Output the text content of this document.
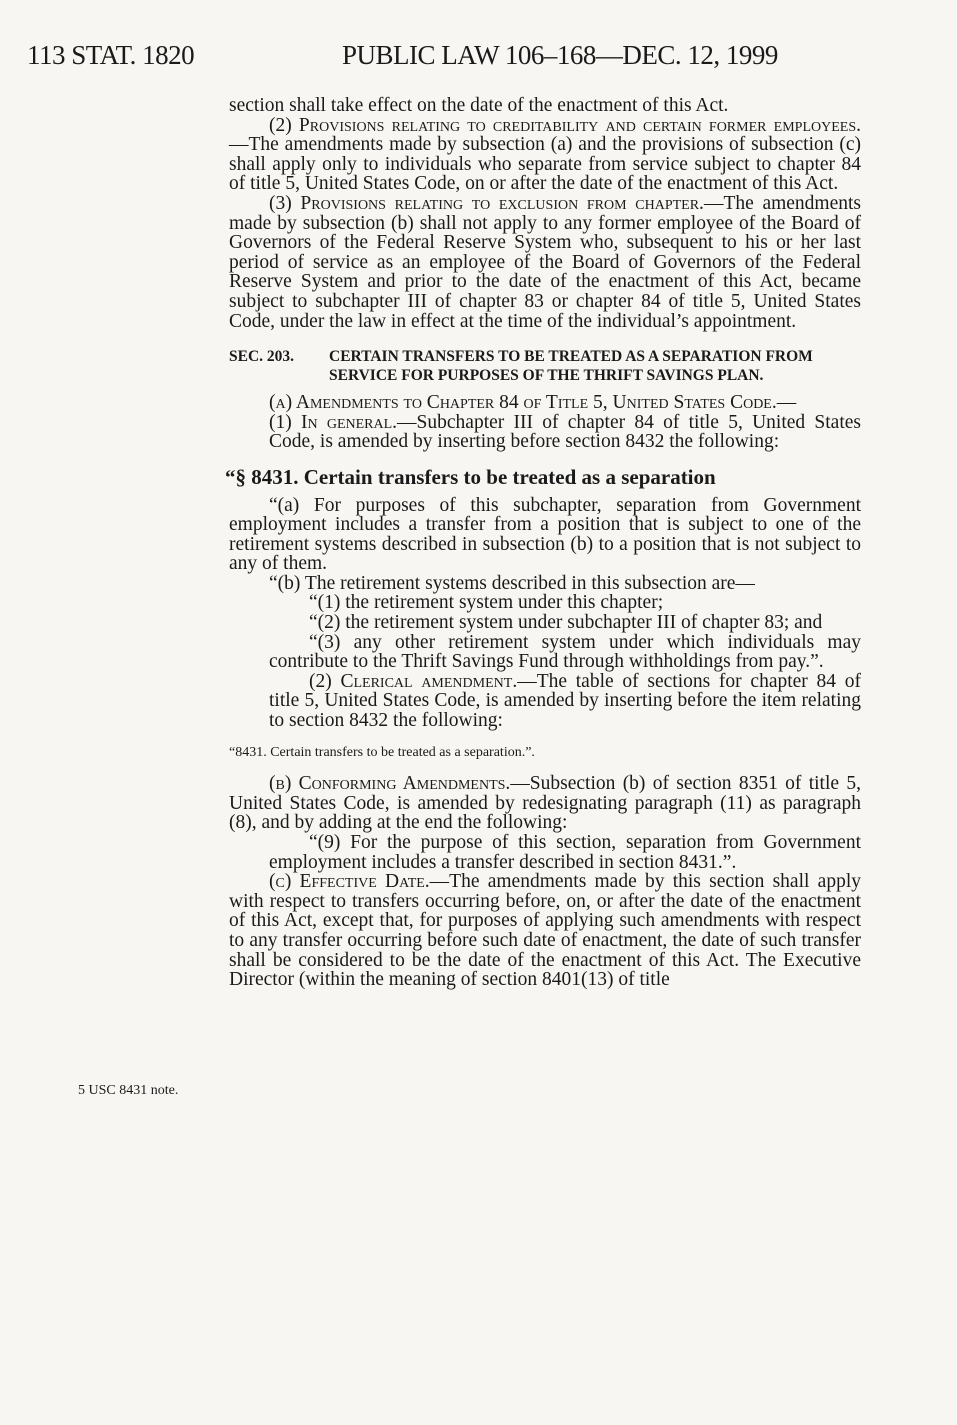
113 STAT. 1820	PUBLIC LAW 106–168—DEC. 12, 1999
5 USC 8431 note.

section shall take effect on the date of the enactment of this Act.

(2) Provisions relating to creditability and certain former employees.—The amendments made by subsection (a) and the provisions of subsection (c) shall apply only to individuals who separate from service subject to chapter 84 of title 5, United States Code, on or after the date of the enactment of this Act.

(3) Provisions relating to exclusion from chapter.—The amendments made by subsection (b) shall not apply to any former employee of the Board of Governors of the Federal Reserve System who, subsequent to his or her last period of service as an employee of the Board of Governors of the Federal Reserve System and prior to the date of the enactment of this Act, became subject to subchapter III of chapter 83 or chapter 84 of title 5, United States Code, under the law in effect at the time of the individual’s appointment.

SEC. 203.	CERTAIN TRANSFERS TO BE TREATED AS A SEPARATION FROM SERVICE FOR PURPOSES OF THE THRIFT SAVINGS PLAN.

(a) Amendments to Chapter 84 of Title 5, United States Code.—

(1) In general.—Subchapter III of chapter 84 of title 5, United States Code, is amended by inserting before section 8432 the following:

“§ 8431. Certain transfers to be treated as a separation

“(a) For purposes of this subchapter, separation from Government employment includes a transfer from a position that is subject to one of the retirement systems described in subsection (b) to a position that is not subject to any of them.

“(b) The retirement systems described in this subsection are—

“(1) the retirement system under this chapter;

“(2) the retirement system under subchapter III of chapter 83; and

“(3) any other retirement system under which individuals may contribute to the Thrift Savings Fund through withholdings from pay.”.

(2) Clerical amendment.—The table of sections for chapter 84 of title 5, United States Code, is amended by inserting before the item relating to section 8432 the following:

“8431. Certain transfers to be treated as a separation.”.

(b) Conforming Amendments.—Subsection (b) of section 8351 of title 5, United States Code, is amended by redesignating paragraph (11) as paragraph (8), and by adding at the end the following:

“(9) For the purpose of this section, separation from Government employment includes a transfer described in section 8431.”.

(c) Effective Date.—The amendments made by this section shall apply with respect to transfers occurring before, on, or after the date of the enactment of this Act, except that, for purposes of applying such amendments with respect to any transfer occurring before such date of enactment, the date of such transfer shall be considered to be the date of the enactment of this Act. The Executive Director (within the meaning of section 8401(13) of title
